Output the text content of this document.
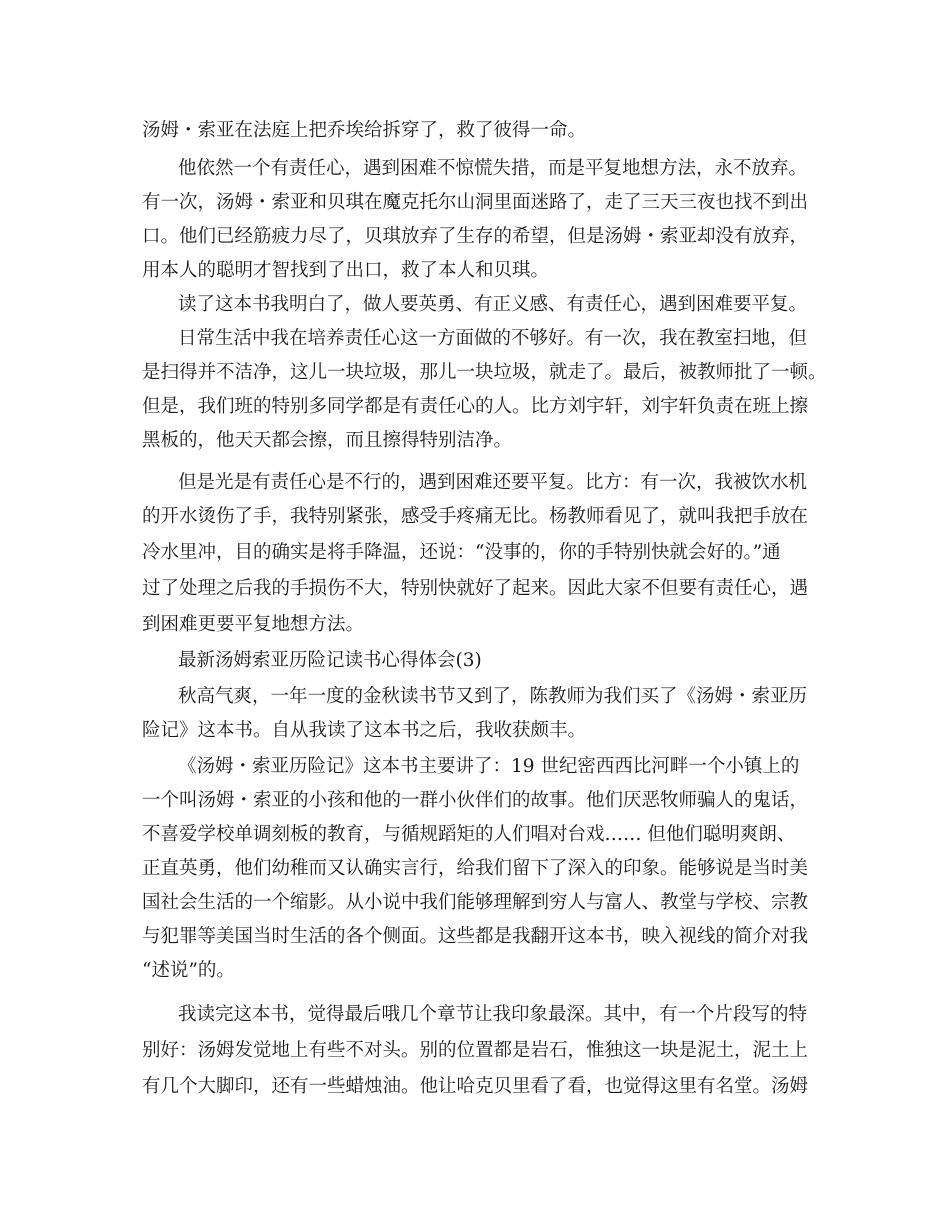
汤姆・索亚在法庭上把乔埃给拆穿了，救了彼得一命。
他依然一个有责任心，遇到困难不惊慌失措，而是平复地想方法，永不放弃。
有一次，汤姆・索亚和贝琪在魔克托尔山洞里面迷路了，走了三天三夜也找不到出
口。他们已经筋疲力尽了，贝琪放弃了生存的希望，但是汤姆・索亚却没有放弃，
用本人的聪明才智找到了出口，救了本人和贝琪。
读了这本书我明白了，做人要英勇、有正义感、有责任心，遇到困难要平复。
日常生活中我在培养责任心这一方面做的不够好。有一次，我在教室扫地，但
是扫得并不洁净，这儿一块垃圾，那儿一块垃圾，就走了。最后，被教师批了一顿。
但是，我们班的特别多同学都是有责任心的人。比方刘宇轩，刘宇轩负责在班上擦
黑板的，他天天都会擦，而且擦得特别洁净。
但是光是有责任心是不行的，遇到困难还要平复。比方：有一次，我被饮水机
的开水烫伤了手，我特别紧张，感受手疼痛无比。杨教师看见了，就叫我把手放在
冷水里冲，目的确实是将手降温，还说：“没事的，你的手特别快就会好的。”通
过了处理之后我的手损伤不大，特别快就好了起来。因此大家不但要有责任心，遇
到困难更要平复地想方法。
最新汤姆索亚历险记读书心得体会(3)
秋高气爽，一年一度的金秋读书节又到了，陈教师为我们买了《汤姆・索亚历
险记》这本书。自从我读了这本书之后，我收获颇丰。
《汤姆・索亚历险记》这本书主要讲了：19 世纪密西西比河畔一个小镇上的
一个叫汤姆・索亚的小孩和他的一群小伙伴们的故事。他们厌恶牧师骗人的鬼话，
不喜爱学校单调刻板的教育，与循规蹈矩的人们唱对台戏…… 但他们聪明爽朗、
正直英勇，他们幼稚而又认确实言行，给我们留下了深入的印象。能够说是当时美
国社会生活的一个缩影。从小说中我们能够理解到穷人与富人、教堂与学校、宗教
与犯罪等美国当时生活的各个侧面。这些都是我翻开这本书，映入视线的简介对我
“述说”的。
我读完这本书，觉得最后哦几个章节让我印象最深。其中，有一个片段写的特
别好：汤姆发觉地上有些不对头。别的位置都是岩石，惟独这一块是泥土，泥土上
有几个大脚印，还有一些蜡烛油。他让哈克贝里看了看，也觉得这里有名堂。汤姆
